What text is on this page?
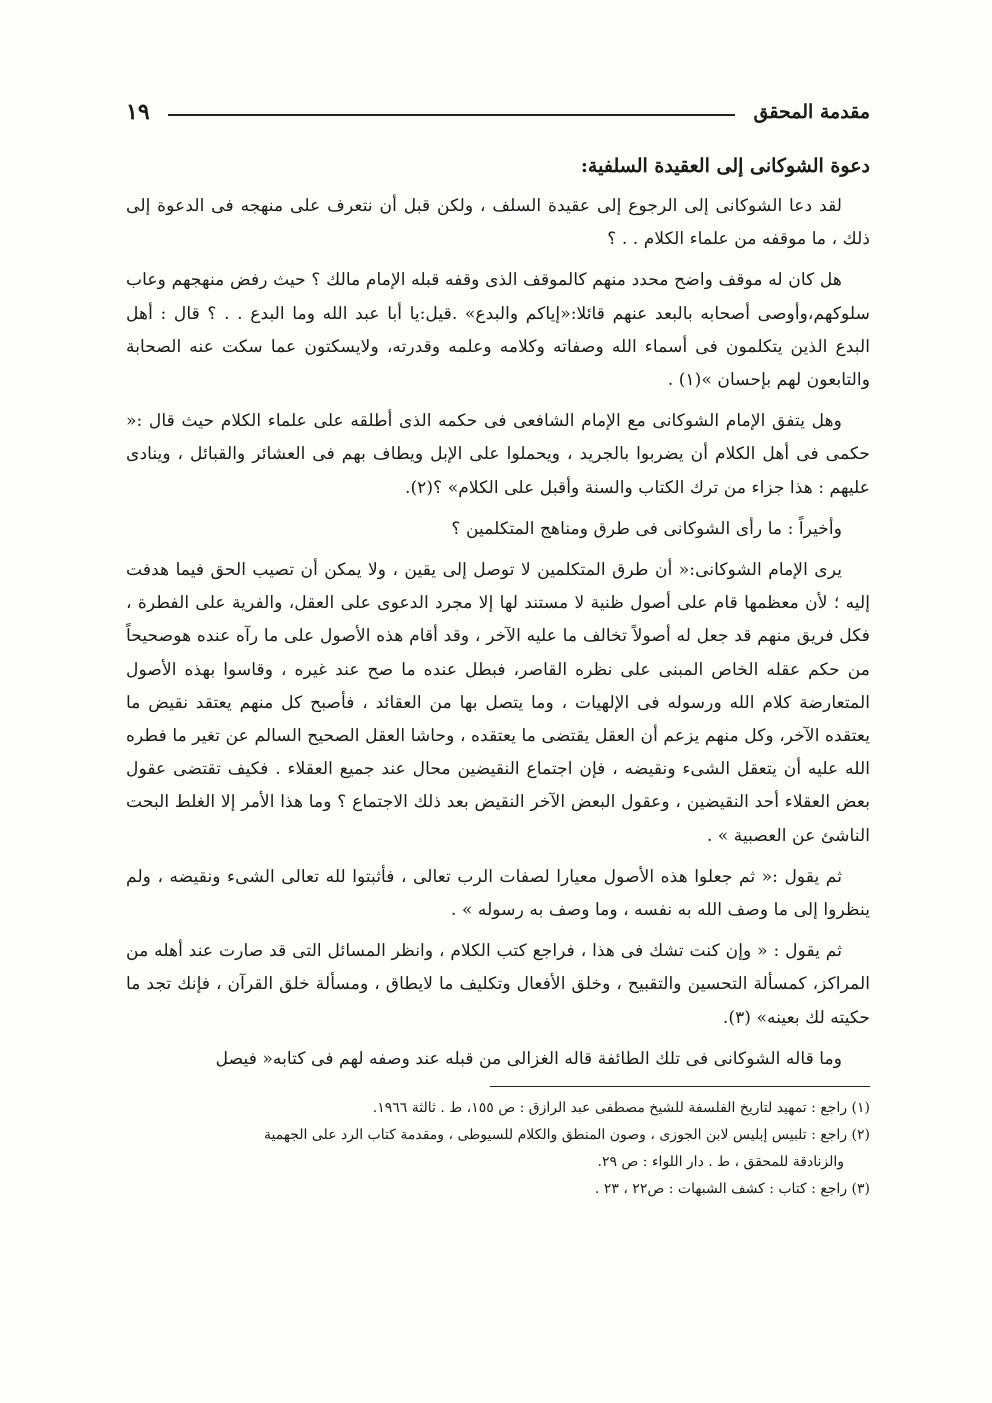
مقدمة المحقق
١٩
دعوة الشوكانى إلى العقيدة السلفية:

لقد دعا الشوكانى إلى الرجوع إلى عقيدة السلف ، ولكن قبل أن نتعرف على منهجه فى الدعوة إلى ذلك ، ما موقفه من علماء الكلام . . ؟

هل كان له موقف واضح محدد منهم كالموقف الذى وقفه قبله الإمام مالك ؟ حيث رفض منهجهم وعاب سلوكهم،وأوصى أصحابه بالبعد عنهم قائلا:«إياكم والبدع» .قيل:يا أبا عبد الله وما البدع . . ؟ قال : أهل البدع الذين يتكلمون فى أسماء الله وصفاته وكلامه وعلمه وقدرته، ولايسكتون عما سكت عنه الصحابة والتابعون لهم بإحسان »(١) .

وهل يتفق الإمام الشوكانى مع الإمام الشافعى فى حكمه الذى أطلقه على علماء الكلام حيث قال :« حكمى فى أهل الكلام أن يضربوا بالجريد ، ويحملوا على الإبل ويطاف بهم فى العشائر والقبائل ، وينادى عليهم : هذا جزاء من ترك الكتاب والسنة وأقبل على الكلام» ؟(٢).

وأخيراً : ما رأى الشوكانى فى طرق ومناهج المتكلمين ؟

يرى الإمام الشوكانى:« أن طرق المتكلمين لا توصل إلى يقين ، ولا يمكن أن تصيب الحق فيما هدفت إليه ؛ لأن معظمها قام على أصول ظنية لا مستند لها إلا مجرد الدعوى على العقل، والفرية على الفطرة ، فكل فريق منهم قد جعل له أصولاً تخالف ما عليه الآخر ، وقد أقام هذه الأصول على ما رآه عنده هوصحيحاً من حكم عقله الخاص المبنى على نظره القاصر، فبطل عنده ما صح عند غيره ، وقاسوا بهذه الأصول المتعارضة كلام الله ورسوله فى الإلهيات ، وما يتصل بها من العقائد ، فأصبح كل منهم يعتقد نقيض ما يعتقده الآخر، وكل منهم يزعم أن العقل يقتضى ما يعتقده ، وحاشا العقل الصحيح السالم عن تغير ما فطره الله عليه أن يتعقل الشىء ونقيضه ، فإن اجتماع النقيضين محال عند جميع العقلاء . فكيف تقتضى عقول بعض العقلاء أحد النقيضين ، وعقول البعض الآخر النقيض بعد ذلك الاجتماع ؟ وما هذا الأمر إلا الغلط البحت الناشئ عن العصبية » .

ثم يقول :« ثم جعلوا هذه الأصول معيارا لصفات الرب تعالى ، فأثبتوا لله تعالى الشىء ونقيضه ، ولم ينظروا إلى ما وصف الله به نفسه ، وما وصف به رسوله » .

ثم يقول : « وإن كنت تشك فى هذا ، فراجع كتب الكلام ، وانظر المسائل التى قد صارت عند أهله من المراكز، كمسألة التحسين والتقبيح ، وخلق الأفعال وتكليف ما لايطاق ، ومسألة خلق القرآن ، فإنك تجد ما حكيته لك بعينه» (٣).

وما قاله الشوكانى فى تلك الطائفة قاله الغزالى من قبله عند وصفه لهم فى كتابه« فيصل

(١) راجع : تمهيد لتاريخ الفلسفة للشيخ مصطفى عبد الرازق : ص ١٥٥، ط . ثالثة ١٩٦٦.

(٢) راجع : تلبيس إبليس لابن الجوزى ، وصون المنطق والكلام للسيوطى ، ومقدمة كتاب الرد على الجهمية
والزنادقة للمحقق ، ط . دار اللواء : ص ٢٩.

(٣) راجع : كتاب : كشف الشبهات : ص٢٢ ، ٢٣ .
